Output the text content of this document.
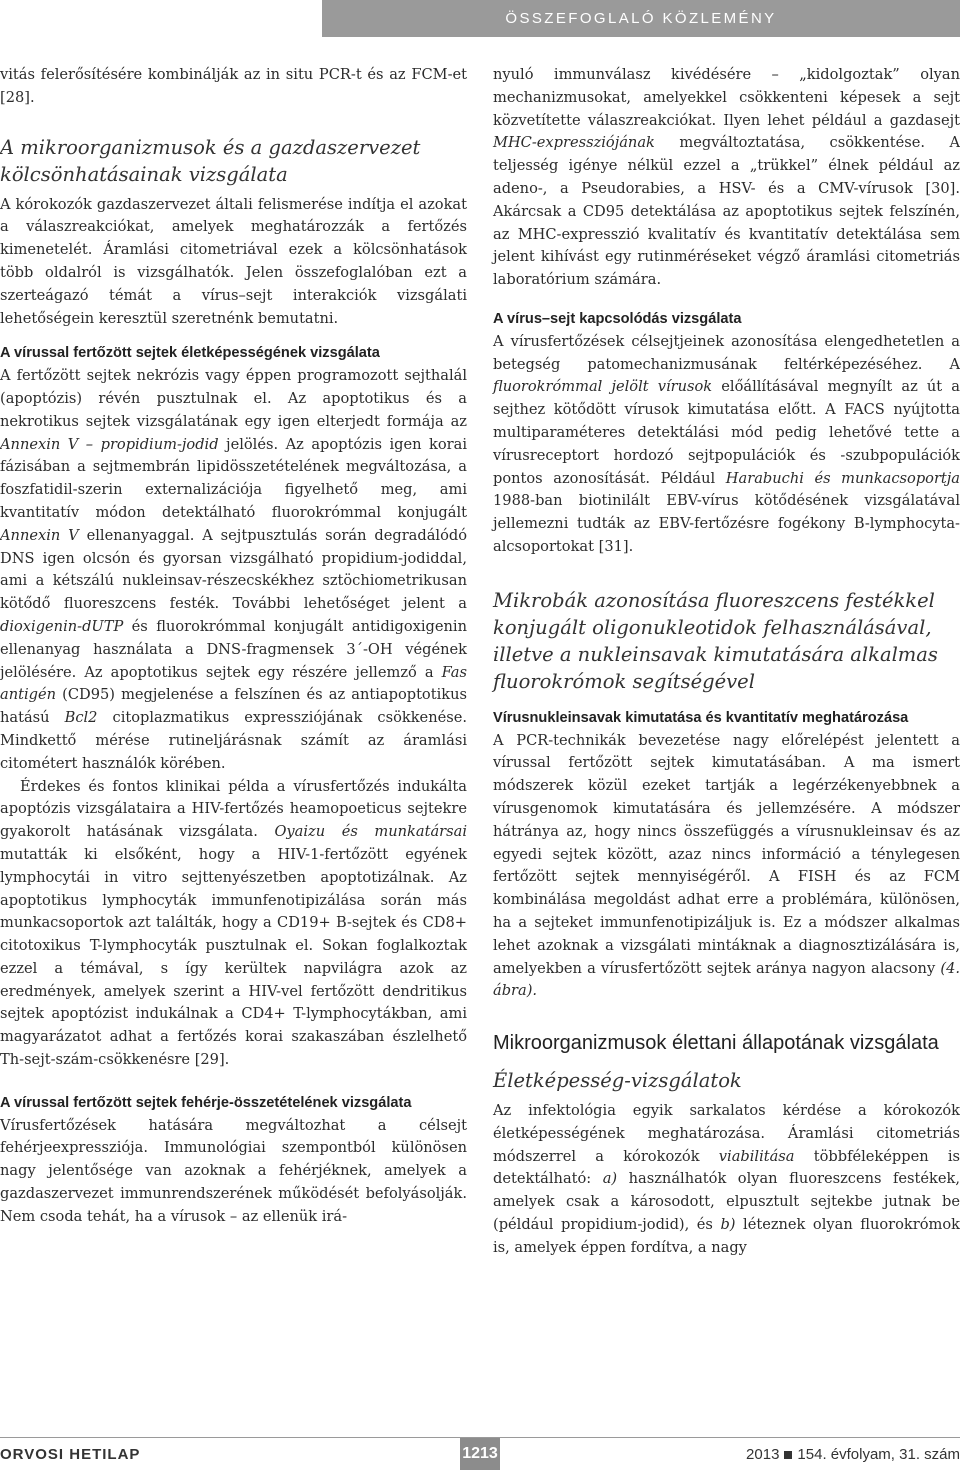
ÖSSZEFOGLALÓ KÖZLEMÉNY

vitás felerősítésére kombinálják az in situ PCR-t és az FCM-et [28].

A mikroorganizmusok és a gazdaszervezet kölcsönhatásainak vizsgálata

A kórokozók gazdaszervezet általi felismerése indítja el azokat a válaszreakciókat, amelyek meghatározzák a fertőzés kimenetelét. Áramlási citometriával ezek a kölcsönhatások több oldalról is vizsgálhatók. Jelen összefoglalóban ezt a szerteágazó témát a vírus–sejt interakciók vizsgálati lehetőségein keresztül szeretnénk bemutatni.

A vírussal fertőzött sejtek életképességének vizsgálata

A fertőzött sejtek nekrózis vagy éppen programozott sejthalál (apoptózis) révén pusztulnak el. Az apoptotikus és a nekrotikus sejtek vizsgálatának egy igen elterjedt formája az Annexin V – propidium-jodid jelölés. Az apoptózis igen korai fázisában a sejtmembrán lipidösszetételének megváltozása, a foszfatidil-szerin externalizációja figyelhető meg, ami kvantitatív módon detektálható fluorokrómmal konjugált Annexin V ellenanyaggal. A sejtpusztulás során degradálódó DNS igen olcsón és gyorsan vizsgálható propidium-jodiddal, ami a kétszálú nukleinsav-részecskékhez sztöchiometrikusan kötődő fluoreszcens festék. További lehetőséget jelent a dioxigenin-dUTP és fluorokrómmal konjugált antidigoxigenin ellenanyag használata a DNS-fragmensek 3´-OH végének jelölésére. Az apoptotikus sejtek egy részére jellemző a Fas antigén (CD95) megjelenése a felszínen és az antiapoptotikus hatású Bcl2 citoplazmatikus expressziójának csökkenése. Mindkettő mérése rutineljárásnak számít az áramlási citométert használók körében.

Érdekes és fontos klinikai példa a vírusfertőzés indukálta apoptózis vizsgálataira a HIV-fertőzés heamopoeticus sejtekre gyakorolt hatásának vizsgálata. Oyaizu és munkatársai mutatták ki elsőként, hogy a HIV-1-fertőzött egyének lymphocytái in vitro sejttenyészetben apoptotizálnak. Az apoptotikus lymphocyták immunfenotipizálása során más munkacsoportok azt találták, hogy a CD19+ B-sejtek és CD8+ citotoxikus T-lymphocyták pusztulnak el. Sokan foglalkoztak ezzel a témával, s így kerültek napvilágra azok az eredmények, amelyek szerint a HIV-vel fertőzött dendritikus sejtek apoptózist indukálnak a CD4+ T-lymphocytákban, ami magyarázatot adhat a fertőzés korai szakaszában észlelhető Th-sejt-szám-csökkenésre [29].

A vírussal fertőzött sejtek fehérje-összetételének vizsgálata

Vírusfertőzések hatására megváltozhat a célsejt fehérjeexpressziója. Immunológiai szempontból különösen nagy jelentősége van azoknak a fehérjéknek, amelyek a gazdaszervezet immunrendszerének működését befolyásolják. Nem csoda tehát, ha a vírusok – az ellenük irá-

nyuló immunválasz kivédésére – „kidolgoztak” olyan mechanizmusokat, amelyekkel csökkenteni képesek a sejt közvetítette válaszreakciókat. Ilyen lehet például a gazdasejt MHC-expressziójának megváltoztatása, csökkentése. A teljesség igénye nélkül ezzel a „trükkel” élnek például az adeno-, a Pseudorabies, a HSV- és a CMV-vírusok [30]. Akárcsak a CD95 detektálása az apoptotikus sejtek felszínén, az MHC-expresszió kvalitatív és kvantitatív detektálása sem jelent kihívást egy rutinméréseket végző áramlási citometriás laboratórium számára.

A vírus–sejt kapcsolódás vizsgálata

A vírusfertőzések célsejtjeinek azonosítása elengedhetetlen a betegség patomechanizmusának feltérképezéséhez. A fluorokrómmal jelölt vírusok előállításával megnyílt az út a sejthez kötődött vírusok kimutatása előtt. A FACS nyújtotta multiparaméteres detektálási mód pedig lehetővé tette a vírusreceptort hordozó sejtpopulációk és -szubpopulációk pontos azonosítását. Például Harabuchi és munkacsoportja 1988-ban biotinilált EBV-vírus kötődésének vizsgálatával jellemezni tudták az EBV-fertőzésre fogékony B-lymphocyta-alcsoportokat [31].

Mikrobák azonosítása fluoreszcens festékkel konjugált oligonukleotidok felhasználásával, illetve a nukleinsavak kimutatására alkalmas fluorokrómok segítségével
Vírusnukleinsavak kimutatása és kvantitatív meghatározása

A PCR-technikák bevezetése nagy előrelépést jelentett a vírussal fertőzött sejtek kimutatásában. A ma ismert módszerek közül ezeket tartják a legérzékenyebbnek a vírusgenomok kimutatására és jellemzésére. A módszer hátránya az, hogy nincs összefüggés a vírusnukleinsav és az egyedi sejtek között, azaz nincs információ a ténylegesen fertőzött sejtek mennyiségéről. A FISH és az FCM kombinálása megoldást adhat erre a problémára, különösen, ha a sejteket immunfenotipizáljuk is. Ez a módszer alkalmas lehet azoknak a vizsgálati mintáknak a diagnosztizálására is, amelyekben a vírusfertőzött sejtek aránya nagyon alacsony (4. ábra).

Mikroorganizmusok élettani állapotának vizsgálata
Életképesség-vizsgálatok

Az infektológia egyik sarkalatos kérdése a kórokozók életképességének meghatározása. Áramlási citometriás módszerrel a kórokozók viabilitása többféleképpen is detektálható: a) használhatók olyan fluoreszcens festékek, amelyek csak a károsodott, elpusztult sejtekbe jutnak be (például propidium-jodid), és b) léteznek olyan fluorokrómok is, amelyek éppen fordítva, a nagy

ORVOSI HETILAP	1213	2013 154. évfolyam, 31. szám
